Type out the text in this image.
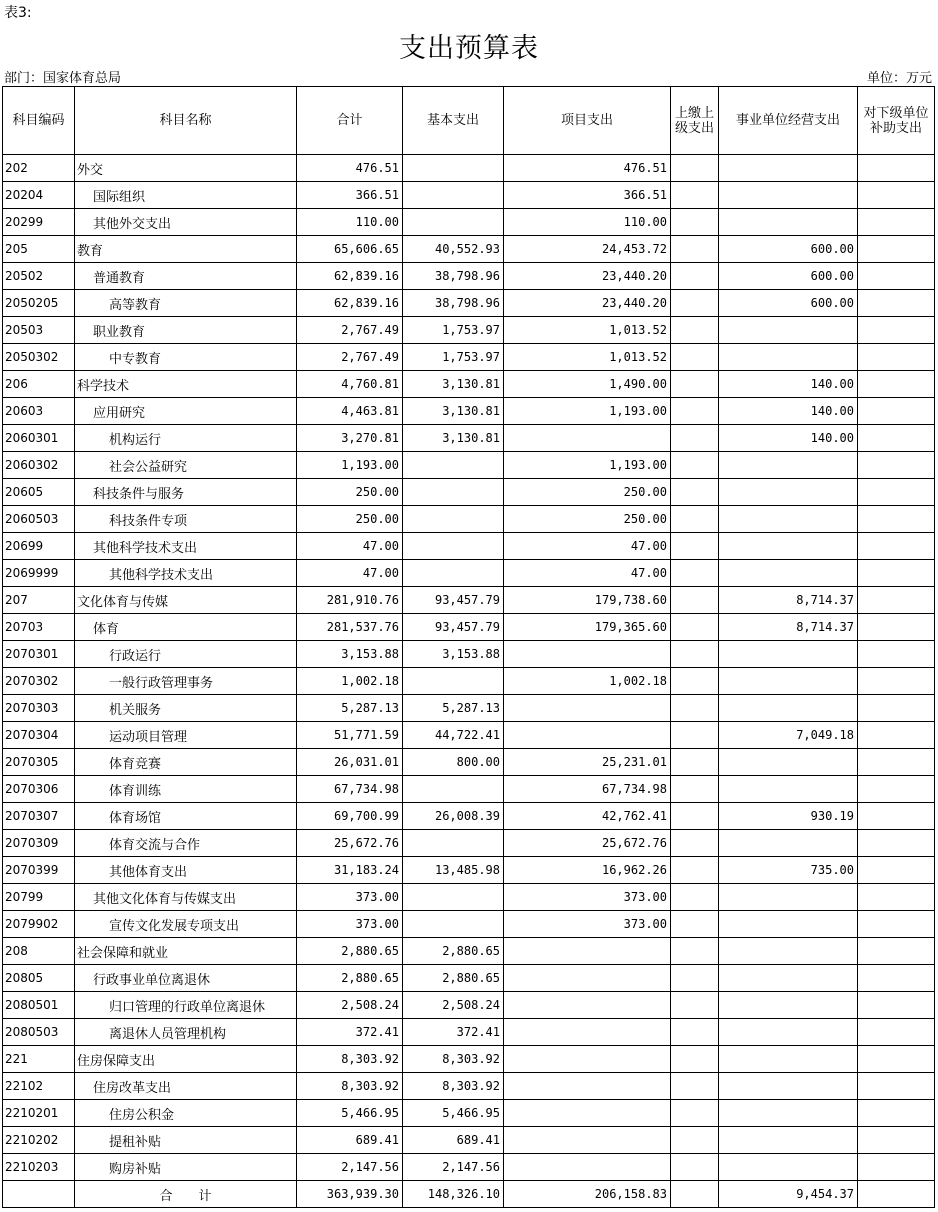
表3:
支出预算表
部门：国家体育总局	单位：万元
科目编码	科目名称	合计	基本支出	项目支出	上缴上级支出	事业单位经营支出	对下级单位补助支出
202	外交	476.51		476.51			
20204	国际组织	366.51		366.51			
20299	其他外交支出	110.00		110.00			
205	教育	65,606.65	40,552.93	24,453.72		600.00	
20502	普通教育	62,839.16	38,798.96	23,440.20		600.00	
2050205	高等教育	62,839.16	38,798.96	23,440.20		600.00	
20503	职业教育	2,767.49	1,753.97	1,013.52			
2050302	中专教育	2,767.49	1,753.97	1,013.52			
206	科学技术	4,760.81	3,130.81	1,490.00		140.00	
20603	应用研究	4,463.81	3,130.81	1,193.00		140.00	
2060301	机构运行	3,270.81	3,130.81			140.00	
2060302	社会公益研究	1,193.00		1,193.00			
20605	科技条件与服务	250.00		250.00			
2060503	科技条件专项	250.00		250.00			
20699	其他科学技术支出	47.00		47.00			
2069999	其他科学技术支出	47.00		47.00			
207	文化体育与传媒	281,910.76	93,457.79	179,738.60		8,714.37	
20703	体育	281,537.76	93,457.79	179,365.60		8,714.37	
2070301	行政运行	3,153.88	3,153.88				
2070302	一般行政管理事务	1,002.18		1,002.18			
2070303	机关服务	5,287.13	5,287.13				
2070304	运动项目管理	51,771.59	44,722.41			7,049.18	
2070305	体育竞赛	26,031.01	800.00	25,231.01			
2070306	体育训练	67,734.98		67,734.98			
2070307	体育场馆	69,700.99	26,008.39	42,762.41		930.19	
2070309	体育交流与合作	25,672.76		25,672.76			
2070399	其他体育支出	31,183.24	13,485.98	16,962.26		735.00	
20799	其他文化体育与传媒支出	373.00		373.00			
2079902	宣传文化发展专项支出	373.00		373.00			
208	社会保障和就业	2,880.65	2,880.65				
20805	行政事业单位离退休	2,880.65	2,880.65				
2080501	归口管理的行政单位离退休	2,508.24	2,508.24				
2080503	离退休人员管理机构	372.41	372.41				
221	住房保障支出	8,303.92	8,303.92				
22102	住房改革支出	8,303.92	8,303.92				
2210201	住房公积金	5,466.95	5,466.95				
2210202	提租补贴	689.41	689.41				
2210203	购房补贴	2,147.56	2,147.56				
	合　　计	363,939.30	148,326.10	206,158.83		9,454.37	
